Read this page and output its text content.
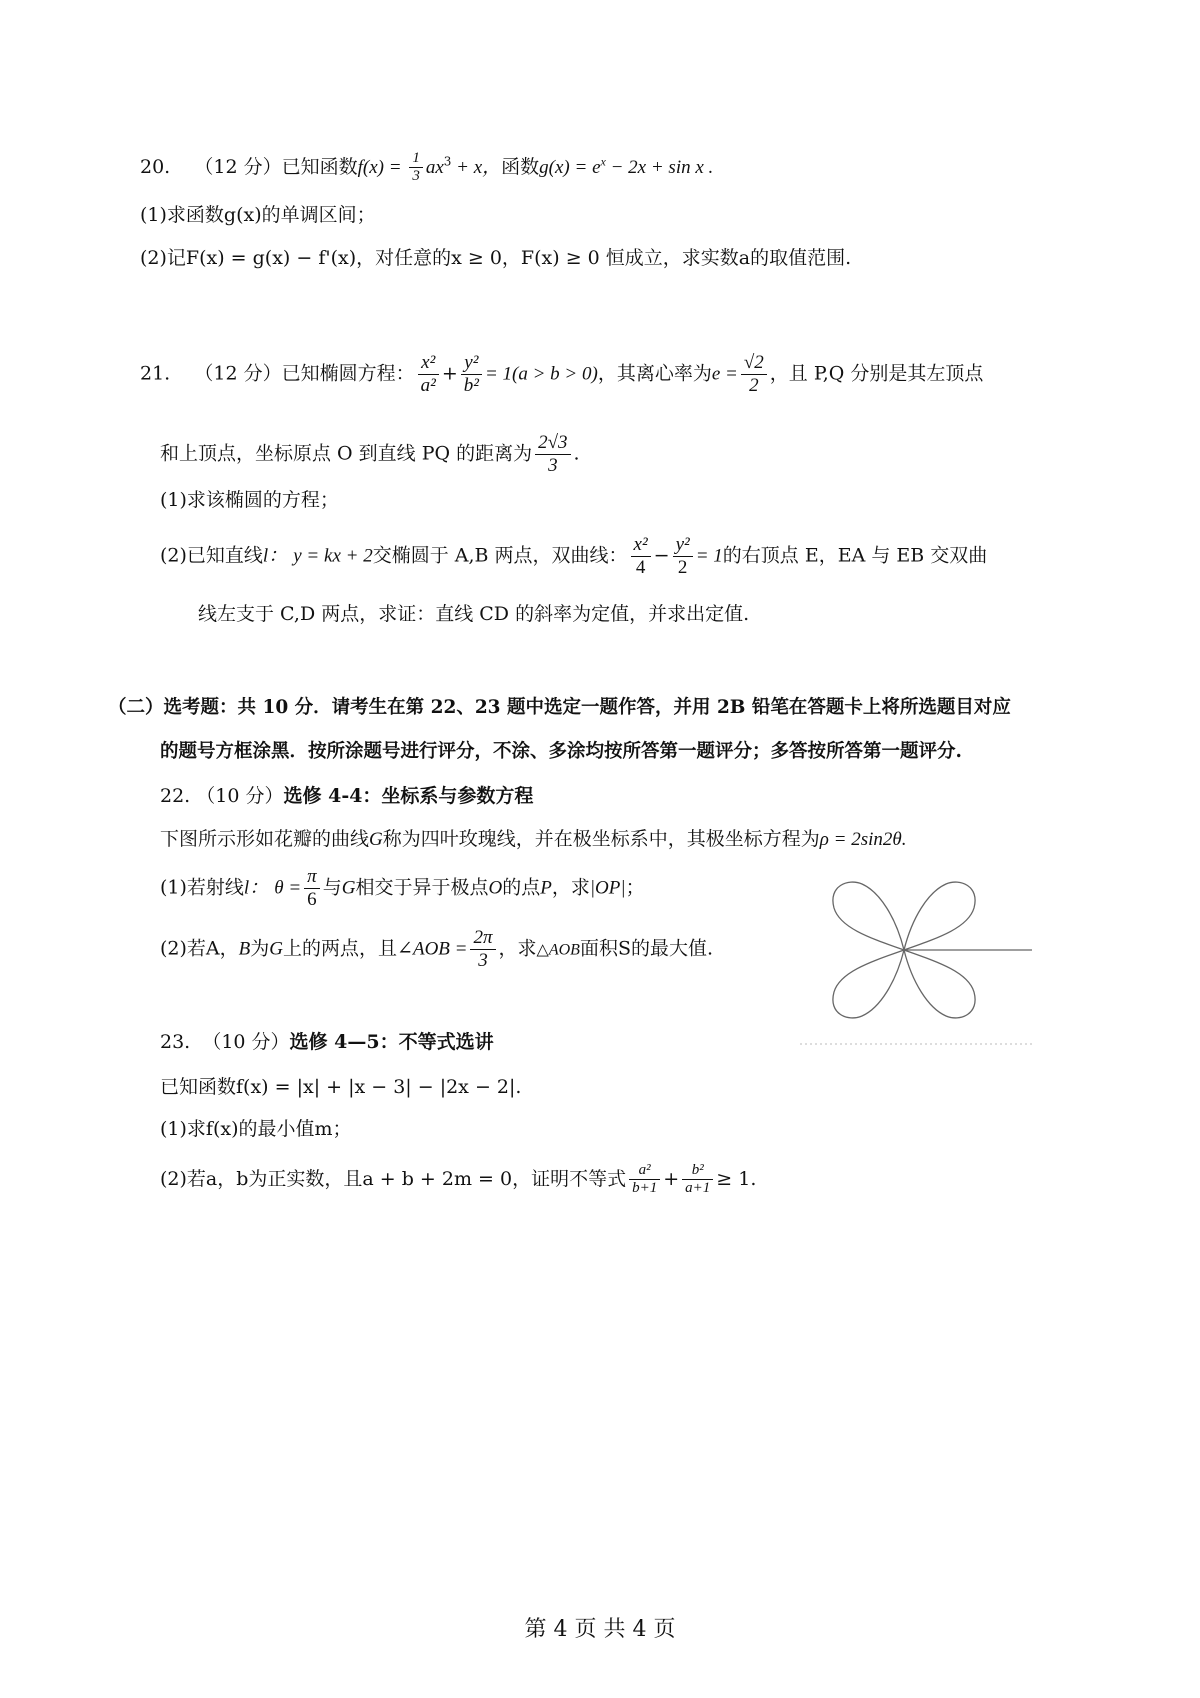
20. （12 分）已知函数$f(x) = \frac{1}{3} ax^3 + x$，函数$g(x) = e^x - 2x + \sin x$ .
(1)求函数g(x)的单调区间；
(2)记F(x) = g(x) − f'(x)，对任意的x ≥ 0，F(x) ≥ 0 恒成立，求实数a的取值范围.
21. （12 分）已知椭圆方程： $\frac{\text{x²}}{\text{a²}} + \frac{\text{y²}}{\text{b²}} = 1(a > b > 0)$，其离心率为$e = \frac{√2}{2}$ ，且 P,Q 分别是其左顶点
和上顶点，坐标原点 O 到直线 PQ 的距离为 $\frac{2√3}{3}$ .
(1)求该椭圆的方程；
(2)已知直线l： y = kx + 2交椭圆于 A,B 两点，双曲线： $\frac{\text{x²}}{4} - \frac{\text{y²}}{2} = 1$的右顶点 E，EA 与 EB 交双曲
线左支于 C,D 两点，求证：直线 CD 的斜率为定值，并求出定值.
（二）选考题：共 10 分．请考生在第 22、23 题中选定一题作答，并用 2B 铅笔在答题卡上将所选题目对应
的题号方框涂黑．按所涂题号进行评分，不涂、多涂均按所答第一题评分；多答按所答第一题评分.
22. （10 分）选修 4-4：坐标系与参数方程
下图所示形如花瓣的曲线G称为四叶玫瑰线，并在极坐标系中，其极坐标方程为ρ = 2sin2θ.
(1)若射线l： $\theta = \frac{\pi}{6}$ 与G相交于异于极点O的点P，求|OP|；
(2)若A，B为G上的两点，且∠AOB = $\frac{2\pi}{3}$ ，求△AOB面积S的最大值.
23. （10 分）选修 4—5：不等式选讲
已知函数f(x) = |x| + |x − 3| − |2x − 2|.
(1)求f(x)的最小值m；
(2)若a，b为正实数，且a + b + 2m = 0，证明不等式 $\frac{\text{a²}}{b+1} + \frac{\text{b²}}{a+1} \ge 1$.
第 4 页 共 4 页
